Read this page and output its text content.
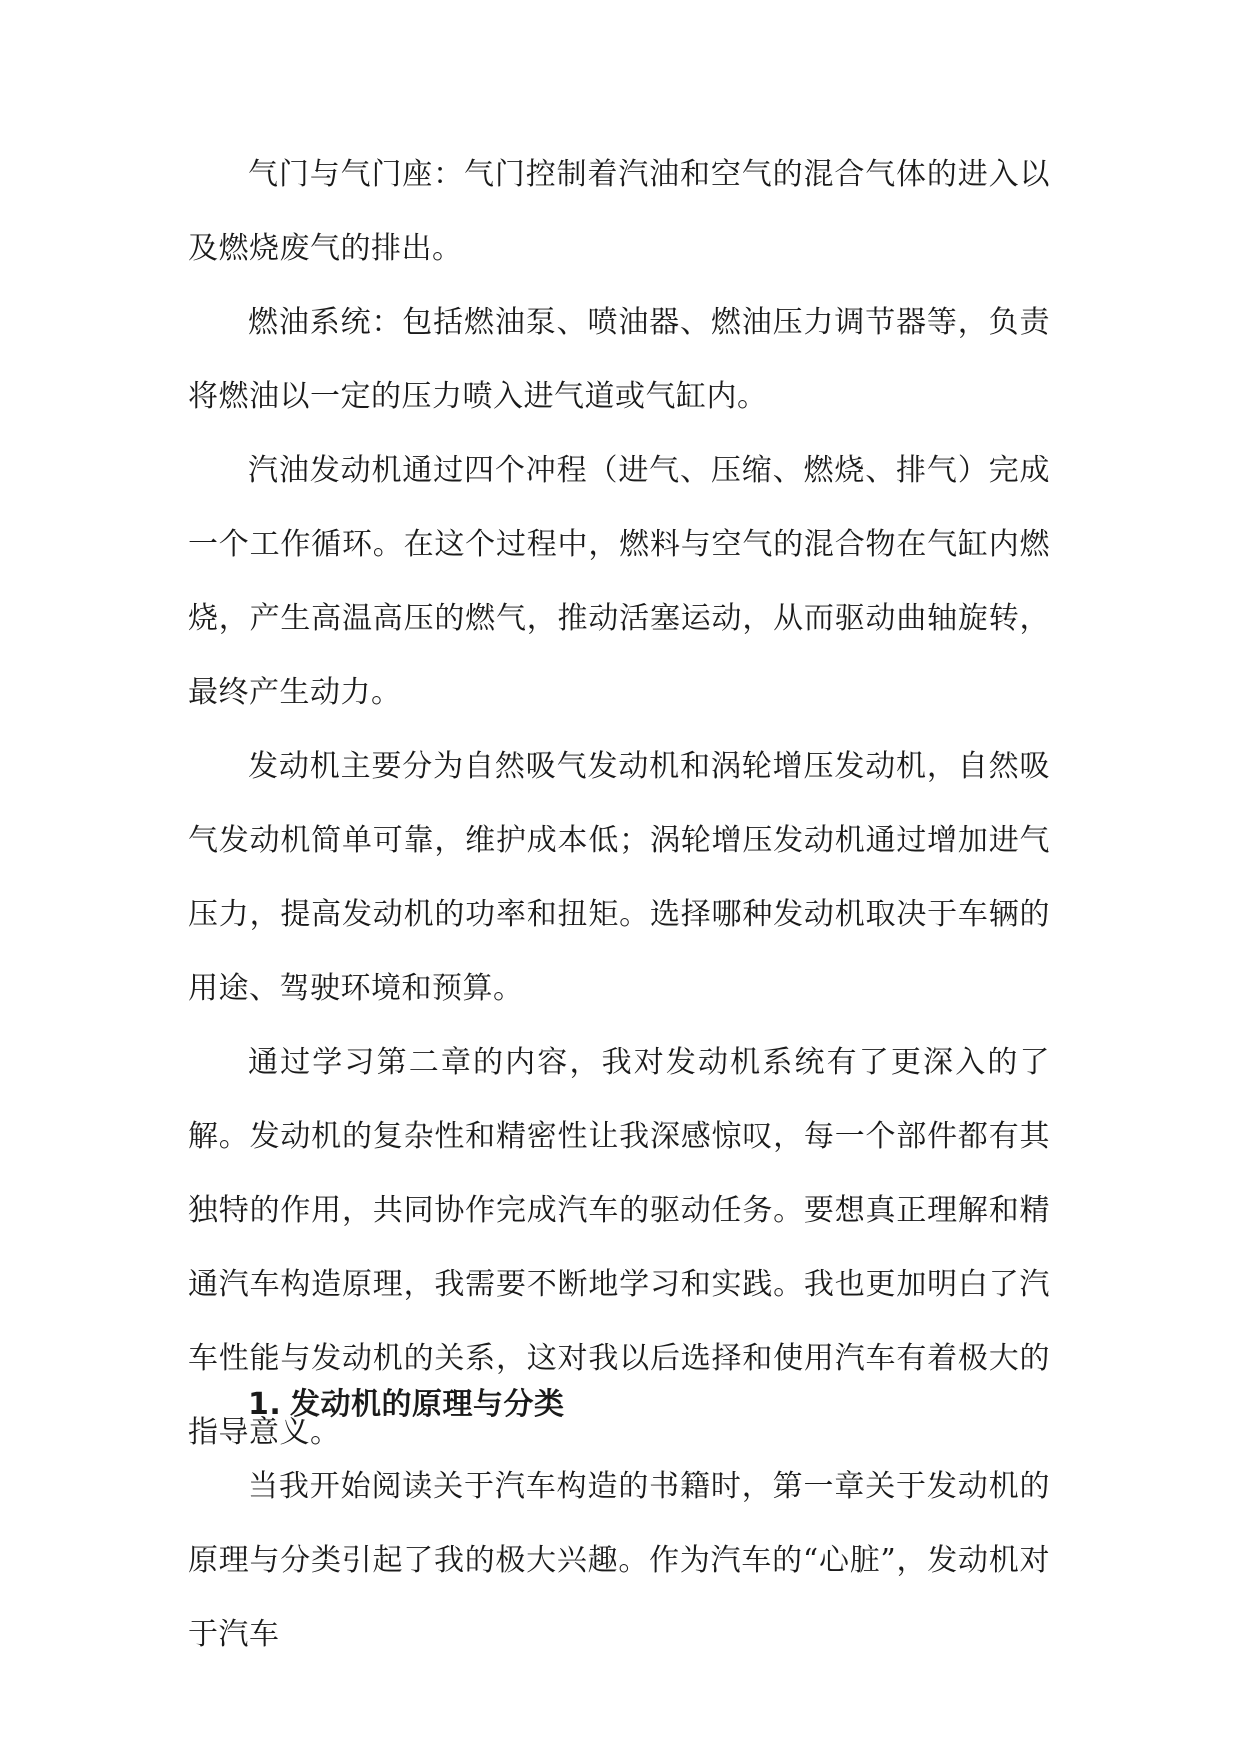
气门与气门座：气门控制着汽油和空气的混合气体的进入以及燃烧废气的排出。

燃油系统：包括燃油泵、喷油器、燃油压力调节器等，负责将燃油以一定的压力喷入进气道或气缸内。

汽油发动机通过四个冲程（进气、压缩、燃烧、排气）完成一个工作循环。在这个过程中，燃料与空气的混合物在气缸内燃烧，产生高温高压的燃气，推动活塞运动，从而驱动曲轴旋转，最终产生动力。

发动机主要分为自然吸气发动机和涡轮增压发动机，自然吸气发动机简单可靠，维护成本低；涡轮增压发动机通过增加进气压力，提高发动机的功率和扭矩。选择哪种发动机取决于车辆的用途、驾驶环境和预算。

通过学习第二章的内容，我对发动机系统有了更深入的了解。发动机的复杂性和精密性让我深感惊叹，每一个部件都有其独特的作用，共同协作完成汽车的驱动任务。要想真正理解和精通汽车构造原理，我需要不断地学习和实践。我也更加明白了汽车性能与发动机的关系，这对我以后选择和使用汽车有着极大的指导意义。

1. 发动机的原理与分类

当我开始阅读关于汽车构造的书籍时，第一章关于发动机的原理与分类引起了我的极大兴趣。作为汽车的“心脏”，发动机对于汽车
